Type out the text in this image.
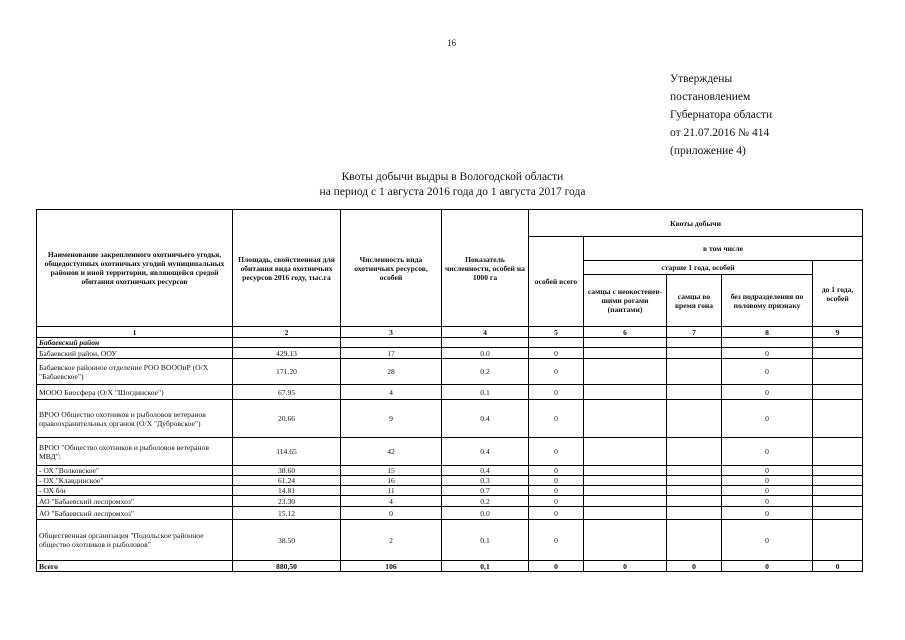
16
Утверждены
постановлением
Губернатора области
от 21.07.2016 № 414
(приложение 4)
Квоты добычи выдры в Вологодской области
на период с 1 августа 2016 года до 1 августа 2017 года
Наименование закрепленного охотничьего угодья, общедоступных охотничьих угодий муниципальных районов и иной территории, являющейся средой обитания охотничьих ресурсов	Площадь, свойственная для обитания вида охотничьих ресурсов 2016 году, тыс.га	Численность вида охотничьих ресурсов, особей	Показатель численности, особей на 1000 га	Квоты добычи				
				особей всего	в том числе			
					старше 1 года, особей			до 1 года, особей
					самцы с неокостенев-шими рогами (пантами)	самцы во время гона	без подразделения по половому признаку	
1	2	3	4	5	6	7	8	9
Бабаевский район								
Бабаевский район, ООУ	429.13	17	0.0	0			0	
Бабаевское районное отделение РОО ВОООиР (О/Х "Бабаевское")	171.20	28	0.2	0			0	
МООО Биосфера (О/Х "Шогдинское")	67.95	4	0.1	0			0	
ВРОО Общество охотников и рыболовов ветеранов правоохранительных органов (О/Х "Дубровское")	20.66	9	0.4	0			0	
ВРОО "Общество охотников и рыболовов ветеранов МВД":	114.65	42	0.4	0			0	
- ОХ "Волковское"	38.60	15	0.4	0			0	
- ОХ "Клавдинское"	61.24	16	0.3	0			0	
- ОХ б/н	14.81	11	0.7	0			0	
АО "Бабаевский леспромхоз"	23.30	4	0.2	0			0	
АО "Бабаевский леспромхоз"	15.12	0	0.0	0			0	
Общественная организация "Подольское районное общество охотников и рыболовов"	38.50	2	0.1	0			0	
Всего	880,50	106	0,1	0	0	0	0	0
